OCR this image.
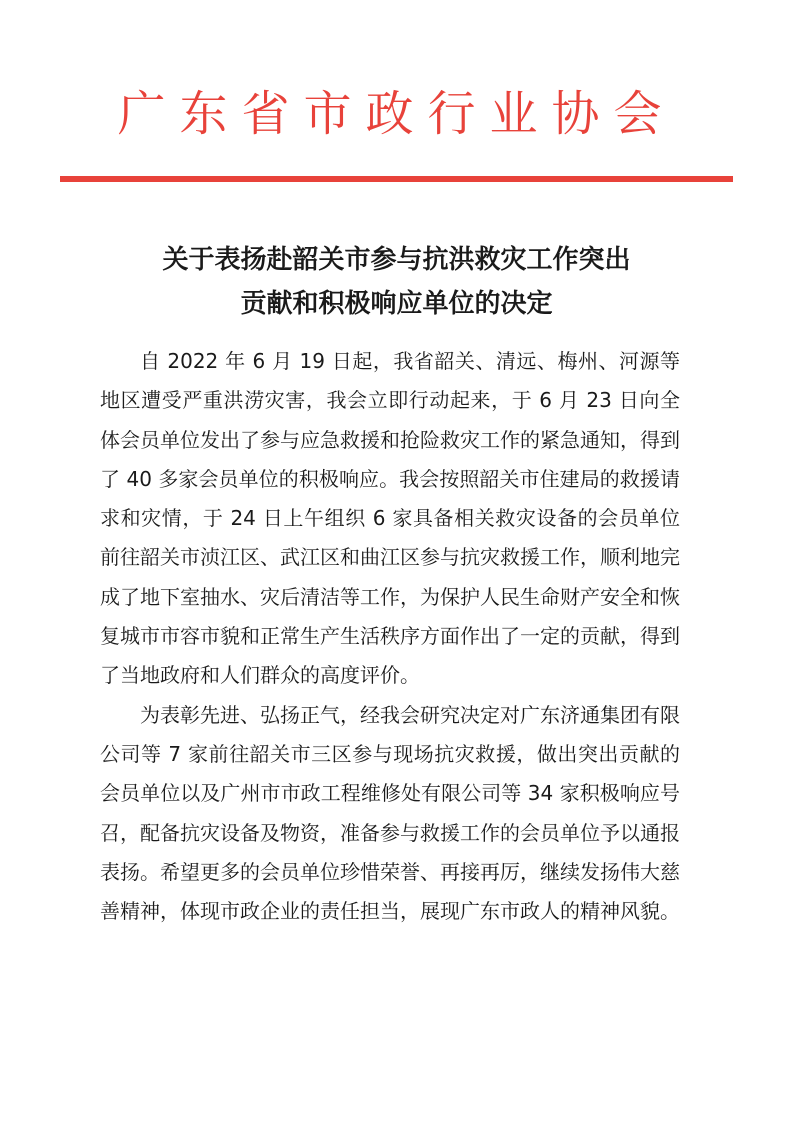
广东省市政行业协会
关于表扬赴韶关市参与抗洪救灾工作突出
贡献和积极响应单位的决定

自 2022 年 6 月 19 日起，我省韶关、清远、梅州、河源等地区遭受严重洪涝灾害，我会立即行动起来，于 6 月 23 日向全体会员单位发出了参与应急救援和抢险救灾工作的紧急通知，得到了 40 多家会员单位的积极响应。我会按照韶关市住建局的救援请求和灾情，于 24 日上午组织 6 家具备相关救灾设备的会员单位前往韶关市浈江区、武江区和曲江区参与抗灾救援工作，顺利地完成了地下室抽水、灾后清洁等工作，为保护人民生命财产安全和恢复城市市容市貌和正常生产生活秩序方面作出了一定的贡献，得到了当地政府和人们群众的高度评价。

为表彰先进、弘扬正气，经我会研究决定对广东济通集团有限公司等 7 家前往韶关市三区参与现场抗灾救援，做出突出贡献的会员单位以及广州市市政工程维修处有限公司等 34 家积极响应号召，配备抗灾设备及物资，准备参与救援工作的会员单位予以通报表扬。希望更多的会员单位珍惜荣誉、再接再厉，继续发扬伟大慈善精神，体现市政企业的责任担当，展现广东市政人的精神风貌。
